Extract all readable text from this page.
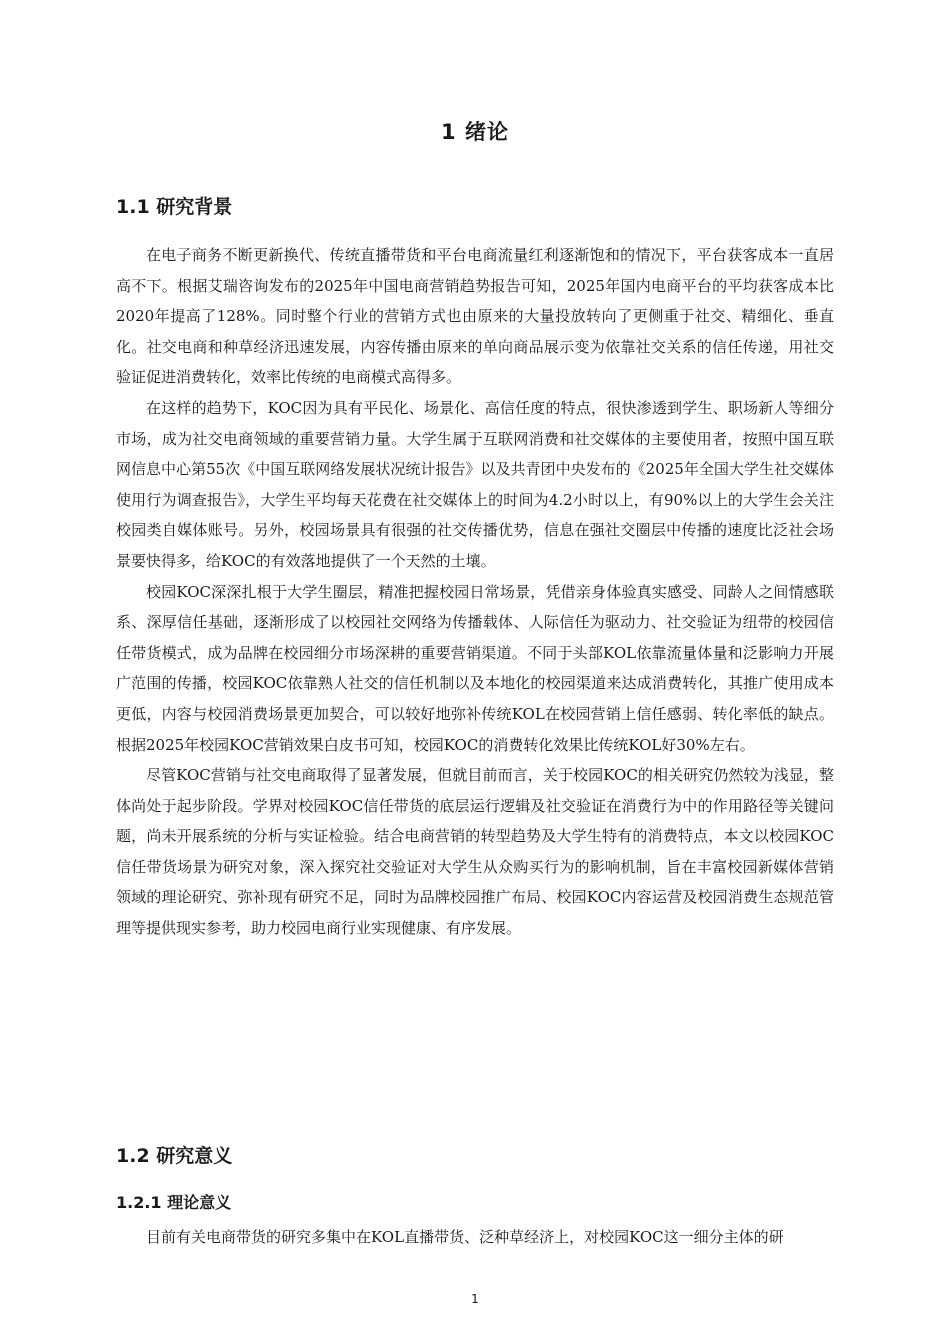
1 绪论
1.1 研究背景

在电子商务不断更新换代、传统直播带货和平台电商流量红利逐渐饱和的情况下，平台获客成本一直居高不下。根据艾瑞咨询发布的2025年中国电商营销趋势报告可知，2025年国内电商平台的平均获客成本比2020年提高了128%。同时整个行业的营销方式也由原来的大量投放转向了更侧重于社交、精细化、垂直化。社交电商和种草经济迅速发展，内容传播由原来的单向商品展示变为依靠社交关系的信任传递，用社交验证促进消费转化，效率比传统的电商模式高得多。

在这样的趋势下，KOC因为具有平民化、场景化、高信任度的特点，很快渗透到学生、职场新人等细分市场，成为社交电商领域的重要营销力量。大学生属于互联网消费和社交媒体的主要使用者，按照中国互联网信息中心第55次《中国互联网络发展状况统计报告》以及共青团中央发布的《2025年全国大学生社交媒体使用行为调查报告》，大学生平均每天花费在社交媒体上的时间为4.2小时以上，有90%以上的大学生会关注校园类自媒体账号。另外，校园场景具有很强的社交传播优势，信息在强社交圈层中传播的速度比泛社会场景要快得多，给KOC的有效落地提供了一个天然的土壤。

校园KOC深深扎根于大学生圈层，精准把握校园日常场景，凭借亲身体验真实感受、同龄人之间情感联系、深厚信任基础，逐渐形成了以校园社交网络为传播载体、人际信任为驱动力、社交验证为纽带的校园信任带货模式，成为品牌在校园细分市场深耕的重要营销渠道。不同于头部KOL依靠流量体量和泛影响力开展广范围的传播，校园KOC依靠熟人社交的信任机制以及本地化的校园渠道来达成消费转化，其推广使用成本更低，内容与校园消费场景更加契合，可以较好地弥补传统KOL在校园营销上信任感弱、转化率低的缺点。根据2025年校园KOC营销效果白皮书可知，校园KOC的消费转化效果比传统KOL好30%左右。

尽管KOC营销与社交电商取得了显著发展，但就目前而言，关于校园KOC的相关研究仍然较为浅显，整体尚处于起步阶段。学界对校园KOC信任带货的底层运行逻辑及社交验证在消费行为中的作用路径等关键问题，尚未开展系统的分析与实证检验。结合电商营销的转型趋势及大学生特有的消费特点，本文以校园KOC信任带货场景为研究对象，深入探究社交验证对大学生从众购买行为的影响机制，旨在丰富校园新媒体营销领域的理论研究、弥补现有研究不足，同时为品牌校园推广布局、校园KOC内容运营及校园消费生态规范管理等提供现实参考，助力校园电商行业实现健康、有序发展。

1.2 研究意义
1.2.1 理论意义

目前有关电商带货的研究多集中在KOL直播带货、泛种草经济上，对校园KOC这一细分主体的研

1
